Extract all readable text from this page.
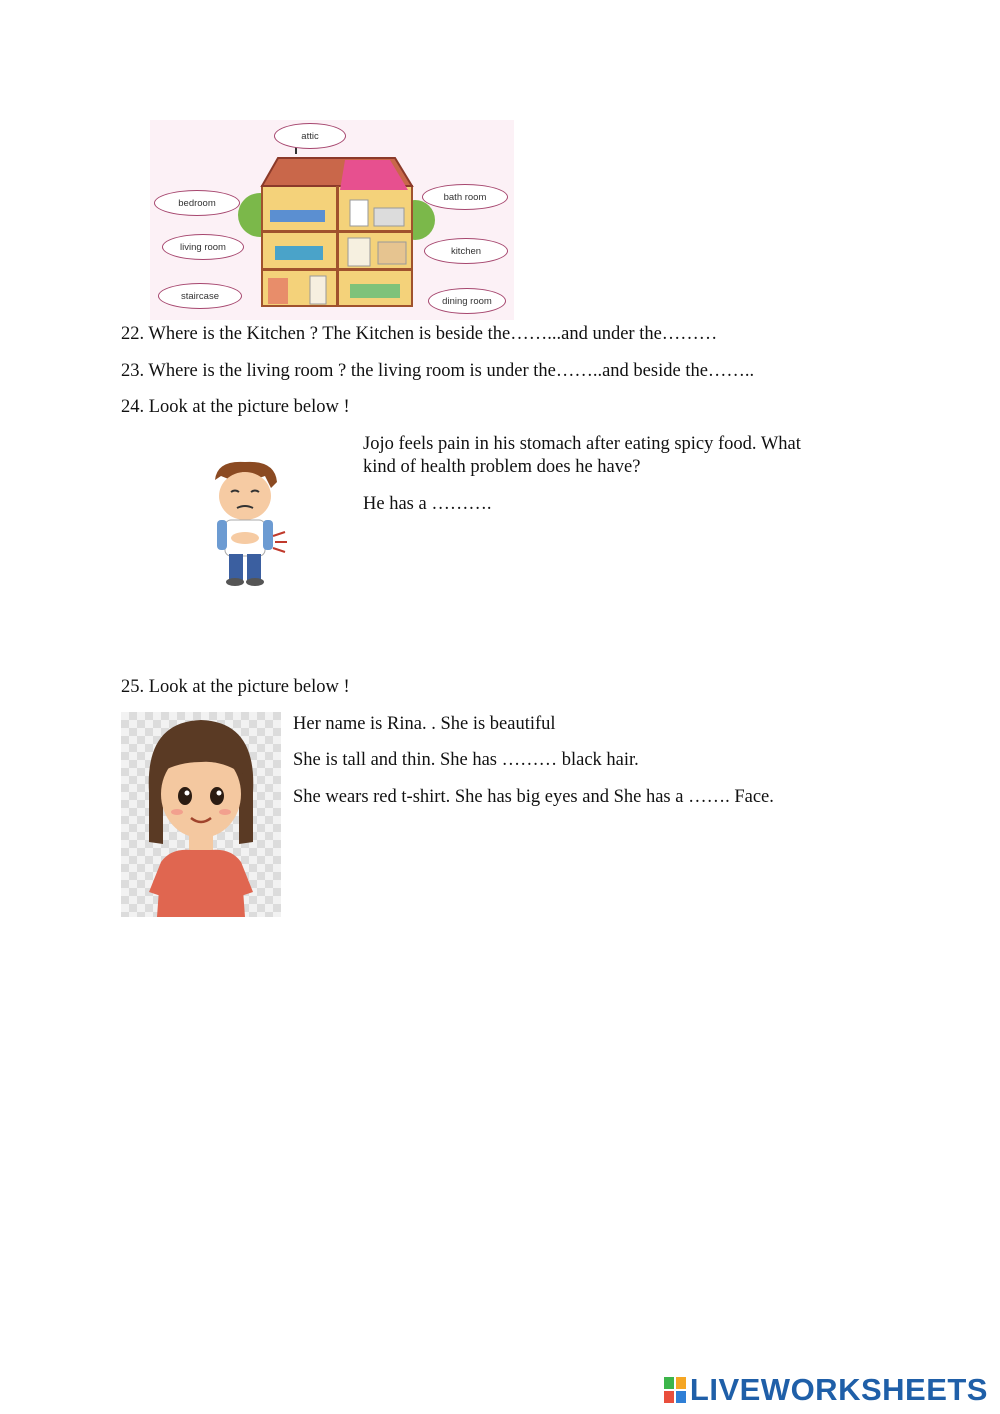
attic
bedroom
bath room
living room	kitchen
staircase	dining room
22. Where is the Kitchen ? The Kitchen is beside the……...and under the………
23. Where is the living room ? the living room is under the……..and beside the……..
24. Look at the picture below !
Jojo feels pain in his stomach after eating spicy food. What
kind of health problem does he have?
He has a ……….
25. Look at the picture below !
Her name is Rina. . She is beautiful
She is tall and thin. She has ……… black hair.
She wears red t-shirt. She has big eyes and She has a ……. Face.
LIVEWORKSHEETS
